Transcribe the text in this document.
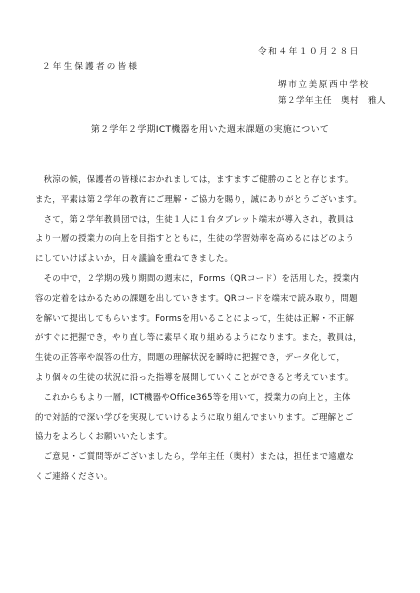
令和４年１０月２８日
２年生保護者の皆様
堺市立美原西中学校
第２学年主任　奥村　雅人
第２学年２学期ICT機器を用いた週末課題の実施について
　秋涼の候，保護者の皆様におかれましては，ますますご健勝のことと存じます。
また，平素は第２学年の教育にご理解・ご協力を賜り，誠にありがとうございます。
　さて，第２学年教員団では，生徒１人に１台タブレット端末が導入され，教員は
より一層の授業力の向上を目指すとともに，生徒の学習効率を高めるにはどのよう
にしていけばよいか，日々議論を重ねてきました。
　その中で，２学期の残り期間の週末に，Forms（QRコード）を活用した，授業内
容の定着をはかるための課題を出していきます。QRコードを端末で読み取り，問題
を解いて提出してもらいます。Formsを用いることによって，生徒は正解・不正解
がすぐに把握でき，やり直し等に素早く取り組めるようになります。また，教員は，
生徒の正答率や誤答の仕方，問題の理解状況を瞬時に把握でき，データ化して，
より個々の生徒の状況に沿った指導を展開していくことができると考えています。
　これからもより一層，ICT機器やOffice365等を用いて，授業力の向上と，主体
的で対話的で深い学びを実現していけるように取り組んでまいります。ご理解とご
協力をよろしくお願いいたします。
　ご意見・ご質問等がございましたら，学年主任（奥村）または，担任まで遠慮な
くご連絡ください。
